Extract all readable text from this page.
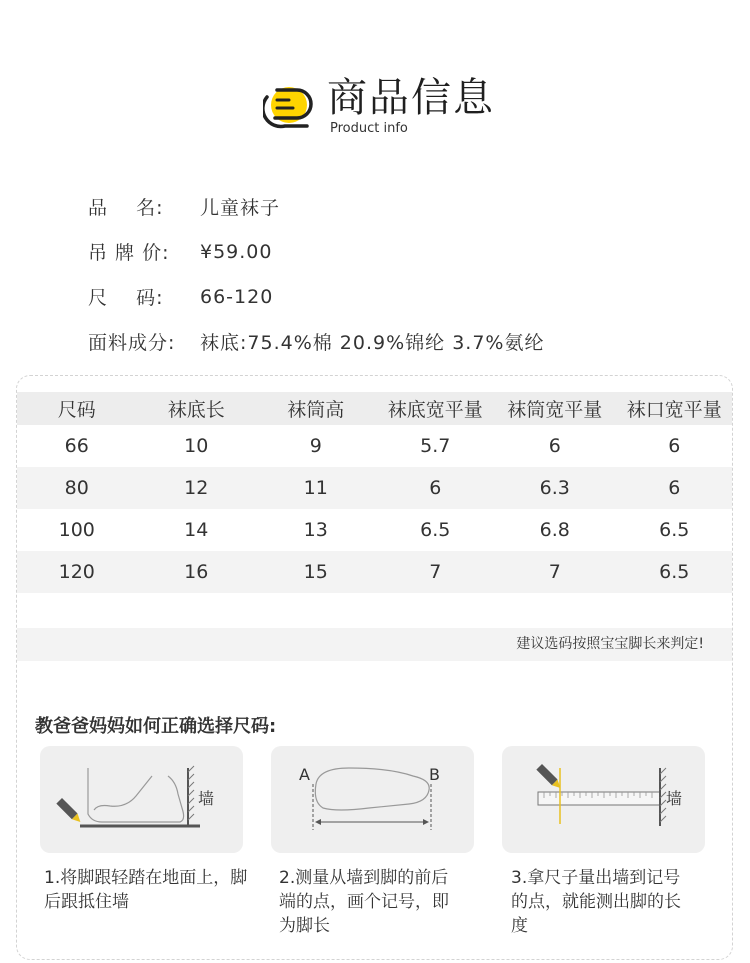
商品信息
Product info
品    名:	儿童袜子
吊 牌 价:	¥59.00
尺    码:	66-120
面料成分:	袜底:75.4%棉 20.9%锦纶 3.7%氨纶
尺码	袜底长	袜筒高	袜底宽平量	袜筒宽平量	袜口宽平量
66	10	9	5.7	6	6
80	12	11	6	6.3	6
100	14	13	6.5	6.8	6.5
120	16	15	7	7	6.5
建议选码按照宝宝脚长来判定!
教爸爸妈妈如何正确选择尺码:
墙
A	B
墙
1.将脚跟轻踏在地面上，脚后跟抵住墙
2.测量从墙到脚的前后端的点，画个记号，即为脚长
3.拿尺子量出墙到记号的点，就能测出脚的长度
